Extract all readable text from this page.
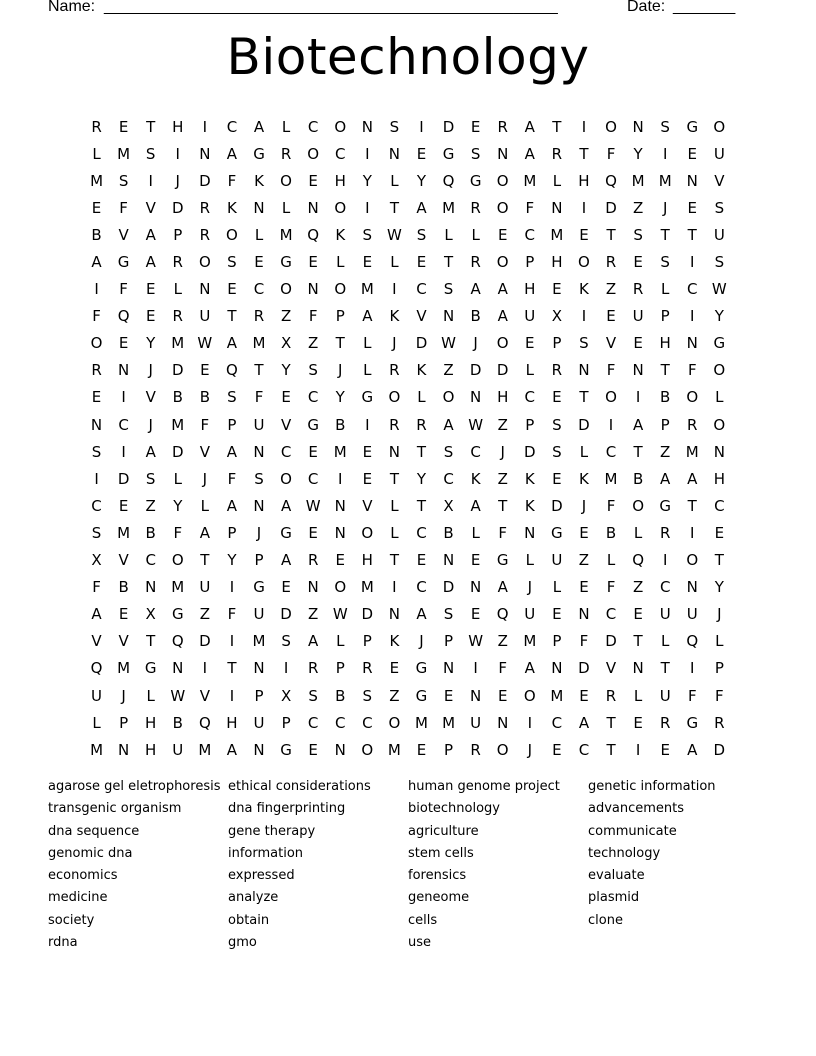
Name: ___________________________________________________	Date: _______
Biotechnology
R	E	T	H	I	C	A	L	C	O	N	S	I	D	E	R	A	T	I	O	N	S	G	O
L	M	S	I	N	A	G	R	O	C	I	N	E	G	S	N	A	R	T	F	Y	I	E	U
M	S	I	J	D	F	K	O	E	H	Y	L	Y	Q	G	O M	L	H	Q M M N	V
E	F	V	D	R	K	N	L	N	O	I	T	A	M	R	O	F	N	I	D	Z	J	E	S
B	V	A	P	R	O	L	M Q	K	S W S	L	L	E	C	M	E	T	S	T	T	U
A	G	A	R	O	S	E	G	E	L	E	L	E	T	R	O	P	H	O	R	E	S	I	S
I	F	E	L	N	E	C	O	N	O M	I	C	S	A	A	H	E	K	Z	R	L	C W
F	Q	E	R	U	T	R	Z	F	P	A	K	V	N	B	A	U	X	I	E	U	P	I	Y
O	E	Y	M W A	M	X	Z	T	L	J	D W	J	O	E	P	S	V	E	H	N	G
R	N	J	D	E	Q	T	Y	S	J	L	R	K	Z	D	D	L	R	N	F	N	T	F	O
E	I	V	B	B	S	F	E	C	Y	G	O	L	O	N	H	C	E	T	O	I	B	O	L
N	C	J	M	F	P	U	V	G	B	I	R	R	A W Z	P	S	D	I	A	P	R	O
S	I	A	D	V	A	N	C	E	M	E	N	T	S	C	J	D	S	L	C	T	Z	M N
I	D	S	L	J	F	S	O	C	I	E	T	Y	C	K	Z	K	E	K	M	B	A	A	H
C	E	Z	Y	L	A	N	A W N	V	L	T	X	A	T	K	D	J	F	O	G	T	C
S	M	B	F	A	P	J	G	E	N	O	L	C	B	L	F	N	G	E	B	L	R	I	E
X	V	C	O	T	Y	P	A	R	E	H	T	E	N	E	G	L	U	Z	L	Q	I	O	T
F	B	N M	U	I	G	E	N	O M	I	C	D	N	A	J	L	E	F	Z	C	N	Y
A	E	X	G	Z	F	U	D	Z W D	N	A	S	E	Q	U	E	N	C	E	U	U	J
V	V	T	Q	D	I	M	S	A	L	P	K	J	P	W Z	M	P	F	D	T	L	Q	L
Q M G	N	I	T	N	I	R	P	R	E	G	N	I	F	A	N	D	V	N	T	I	P
U	J	L	W V	I	P	X	S	B	S	Z	G	E	N	E	O M	E	R	L	U	F	F
L	P	H	B	Q	H	U	P	C	C	C	O M M	U	N	I	C	A	T	E	R	G	R
M N	H	U	M	A	N	G	E	N	O M	E	P	R	O	J	E	C	T	I	E	A	D
agarose gel eletrophoresis
transgenic organism
dna sequence
genomic dna
economics
medicine
society
rdna
ethical considerations
dna fingerprinting
gene therapy
information
expressed
analyze
obtain
gmo
human genome project
biotechnology
agriculture
stem cells
forensics
geneome
cells
use
genetic information
advancements
communicate
technology
evaluate
plasmid
clone
